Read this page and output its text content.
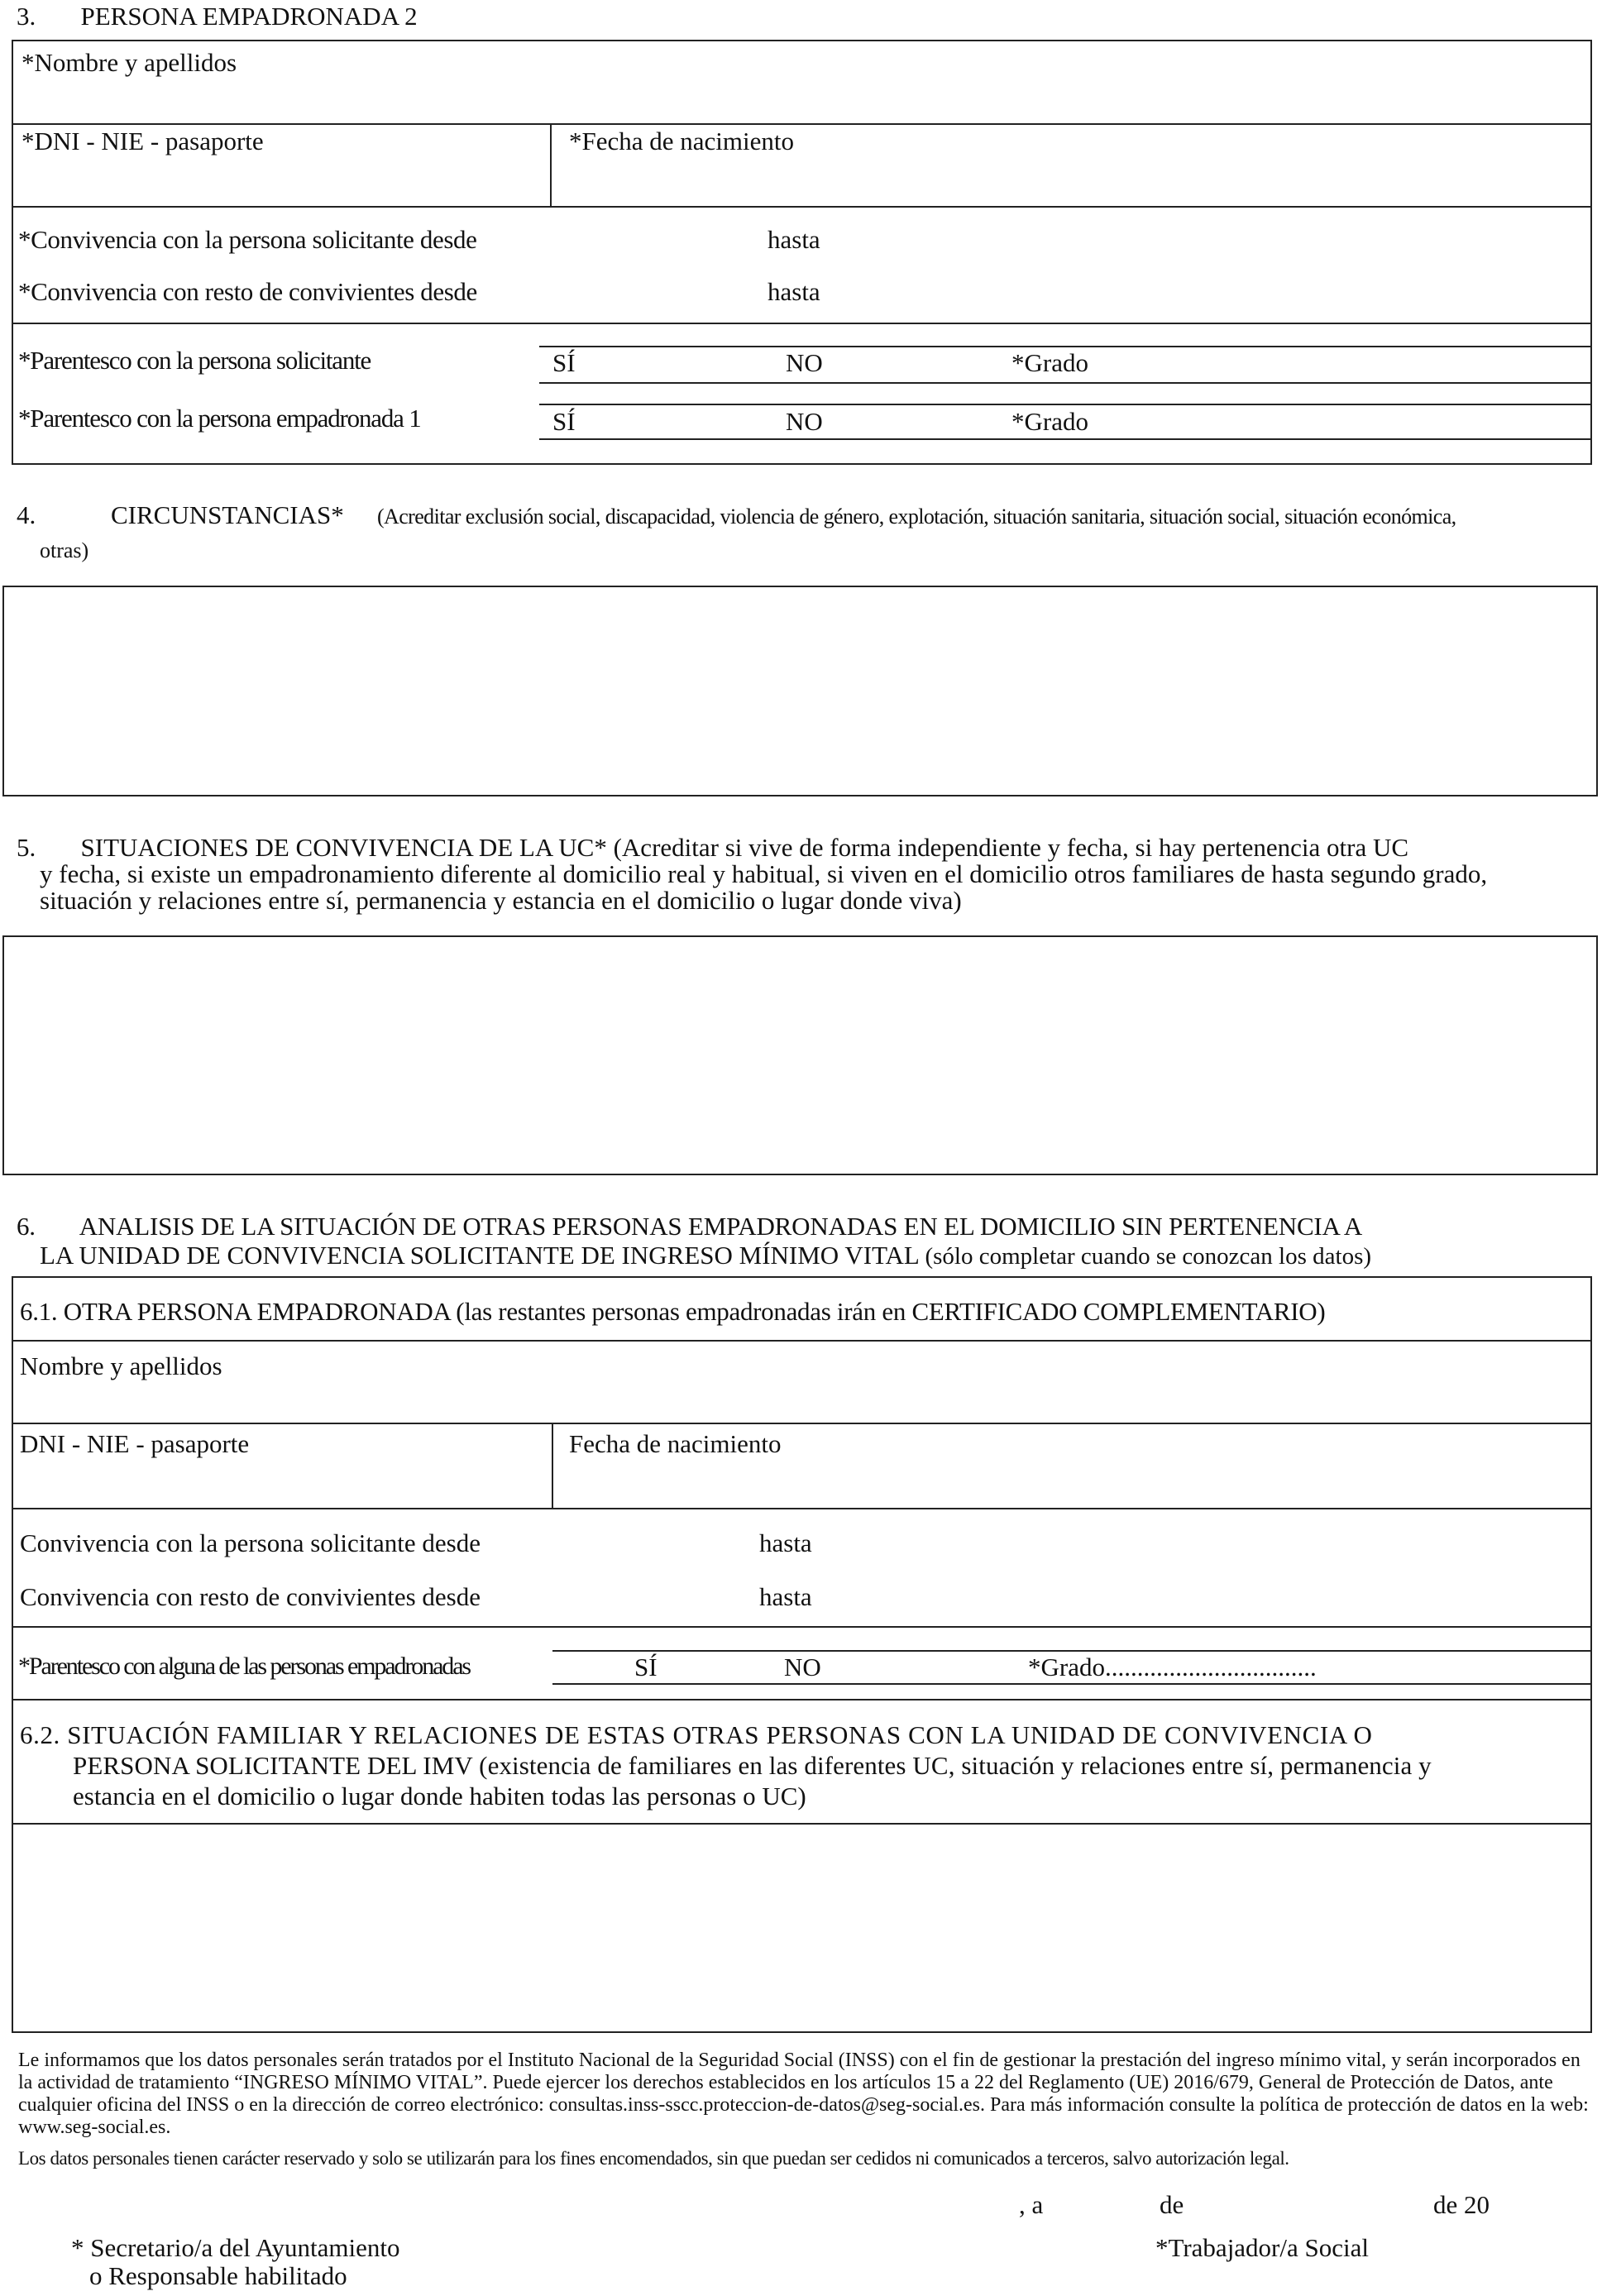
3.       PERSONA EMPADRONADA 2
*Nombre y apellidos
*DNI - NIE - pasaporte	*Fecha de nacimiento
*Convivencia con la persona solicitante desde	hasta
*Convivencia con resto de convivientes desde	hasta
*Parentesco con la persona solicitante	SÍ	NO	*Grado
*Parentesco con la persona empadronada 1	SÍ	NO	*Grado
4.	CIRCUNSTANCIAS* (Acreditar exclusión social, discapacidad, violencia de género, explotación, situación sanitaria, situación social, situación económica,
otras)
5.       SITUACIONES DE CONVIVENCIA DE LA UC* (Acreditar si vive de forma independiente y fecha, si hay pertenencia otra UC
y fecha, si existe un empadronamiento diferente al domicilio real y habitual, si viven en el domicilio otros familiares de hasta segundo grado,
situación y relaciones entre sí, permanencia y estancia en el domicilio o lugar donde viva)
6.       ANALISIS DE LA SITUACIÓN DE OTRAS PERSONAS EMPADRONADAS EN EL DOMICILIO SIN PERTENENCIA A
LA UNIDAD DE CONVIVENCIA SOLICITANTE DE INGRESO MÍNIMO VITAL (sólo completar cuando se conozcan los datos)
6.1. OTRA PERSONA EMPADRONADA (las restantes personas empadronadas irán en CERTIFICADO COMPLEMENTARIO)
Nombre y apellidos
DNI - NIE - pasaporte	Fecha de nacimiento
Convivencia con la persona solicitante desde	hasta
Convivencia con resto de convivientes desde	hasta
*Parentesco con alguna de las personas empadronadas	SÍ	NO	*Grado.................................
6.2. SITUACIÓN FAMILIAR Y RELACIONES DE ESTAS OTRAS PERSONAS CON LA UNIDAD DE CONVIVENCIA O
PERSONA SOLICITANTE DEL IMV (existencia de familiares en las diferentes UC, situación y relaciones entre sí, permanencia y
estancia en el domicilio o lugar donde habiten todas las personas o UC)
Le informamos que los datos personales serán tratados por el Instituto Nacional de la Seguridad Social (INSS) con el fin de gestionar la prestación del ingreso mínimo vital, y serán incorporados en la actividad de tratamiento “INGRESO MÍNIMO VITAL”. Puede ejercer los derechos establecidos en los artículos 15 a 22 del Reglamento (UE) 2016/679, General de Protección de Datos, ante cualquier oficina del INSS o en la dirección de correo electrónico: consultas.inss-sscc.proteccion-de-datos@seg-social.es. Para más información consulte la política de protección de datos en la web: www.seg-social.es.
Los datos personales tienen carácter reservado y solo se utilizarán para los fines encomendados, sin que puedan ser cedidos ni comunicados a terceros, salvo autorización legal.
, a	de	de 20
* Secretario/a del Ayuntamiento
o Responsable habilitado
*Trabajador/a Social
